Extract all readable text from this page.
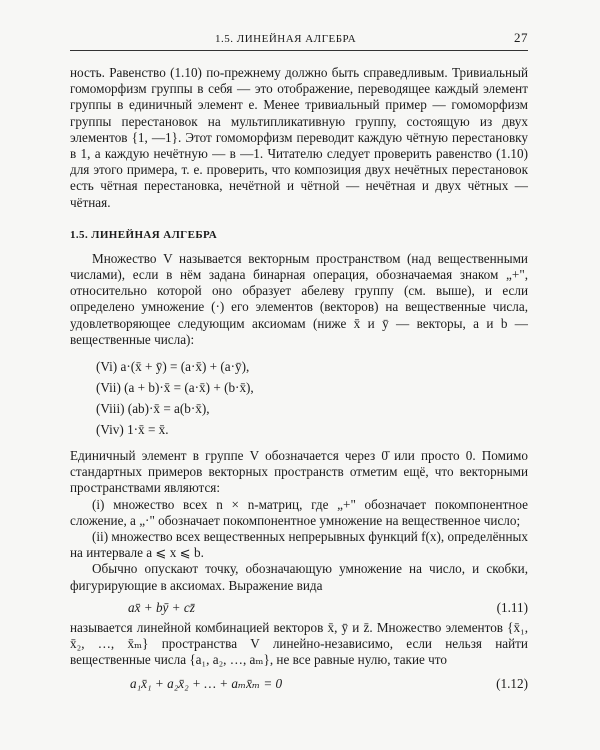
1.5. ЛИНЕЙНАЯ АЛГЕБРА	27

ность. Равенство (1.10) по-прежнему должно быть справедливым. Тривиальный гомоморфизм группы в себя — это отображение, переводящее каждый элемент группы в единичный элемент e. Менее тривиальный пример — гомоморфизм группы перестановок на мультипликативную группу, состоящую из двух элементов {1, —1}. Этот гомоморфизм переводит каждую чётную перестановку в 1, а каждую нечётную — в —1. Читателю следует проверить равенство (1.10) для этого примера, т. е. проверить, что композиция двух нечётных перестановок есть чётная перестановка, нечётной и чётной — нечётная и двух чётных — чётная.

1.5. ЛИНЕЙНАЯ АЛГЕБРА

Множество V называется векторным пространством (над вещественными числами), если в нём задана бинарная операция, обозначаемая знаком „+", относительно которой оно образует абелеву группу (см. выше), и если определено умножение (·) его элементов (векторов) на вещественные числа, удовлетворяющее следующим аксиомам (ниже x̄ и ȳ — векторы, a и b — вещественные числа):

(Vi) a·(x̄ + ȳ) = (a·x̄) + (a·ȳ),
(Vii) (a + b)·x̄ = (a·x̄) + (b·x̄),
(Viii) (ab)·x̄ = a(b·x̄),
(Viv) 1·x̄ = x̄.

Единичный элемент в группе V обозначается через 0̄ или просто 0. Помимо стандартных примеров векторных пространств отметим ещё, что векторными пространствами являются:

(i) множество всех n × n-матриц, где „+" обозначает покомпонентное сложение, а „·" обозначает покомпонентное умножение на вещественное число;

(ii) множество всех вещественных непрерывных функций f(x), определённых на интервале a ⩽ x ⩽ b.

Обычно опускают точку, обозначающую умножение на число, и скобки, фигурирующие в аксиомах. Выражение вида

ax̄ + bȳ + cz̄	(1.11)

называется линейной комбинацией векторов x̄, ȳ и z̄. Множество элементов {x̄₁, x̄₂, …, x̄ₘ} пространства V линейно-независимо, если нельзя найти вещественные числа {a₁, a₂, …, aₘ}, не все равные нулю, такие что

a₁x̄₁ + a₂x̄₂ + … + aₘx̄ₘ = 0	(1.12)
